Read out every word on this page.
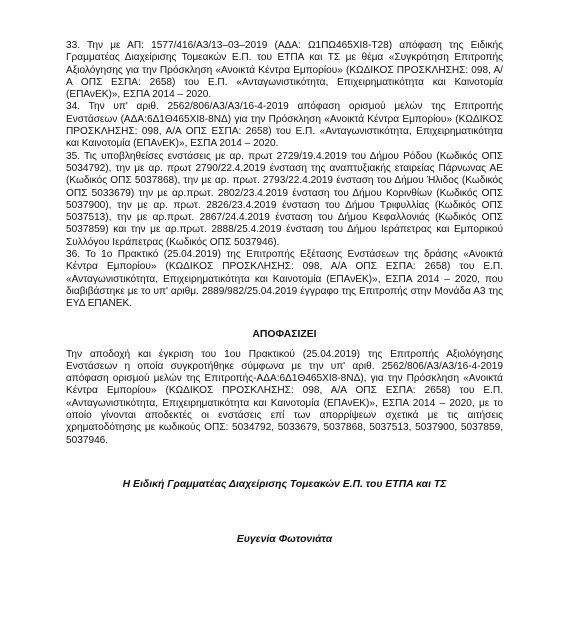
33. Την με ΑΠ: 1577/416/Α3/13–03–2019 (ΑΔΑ: Ω1ΠΩ465ΧΙ8-Τ28) απόφαση της Ειδικής Γραμματέας Διαχείρισης Τομεακών Ε.Π. του ΕΤΠΑ και ΤΣ με θέμα «Συγκρότηση Επιτροπής Αξιολόγησης για την Πρόσκληση «Ανοικτά Κέντρα Εμπορίου» (ΚΩΔΙΚΟΣ ΠΡΟΣΚΛΗΣΗΣ: 098, Α/Α ΟΠΣ ΕΣΠΑ: 2658) του Ε.Π. «Ανταγωνιστικότητα, Επιχειρηματικότητα και Καινοτομία (ΕΠΑνΕΚ)», ΕΣΠΑ 2014 – 2020.

34. Την υπ' αριθ. 2562/806/Α3/Α3/16-4-2019 απόφαση ορισμού μελών της Επιτροπής Ενστάσεων (ΑΔΑ:6Δ1Θ465ΧΙ8-8ΝΔ) για την Πρόσκληση «Ανοικτά Κέντρα Εμπορίου» (ΚΩΔΙΚΟΣ ΠΡΟΣΚΛΗΣΗΣ: 098, Α/Α ΟΠΣ ΕΣΠΑ: 2658) του Ε.Π. «Ανταγωνιστικότητα, Επιχειρηματικότητα και Καινοτομία (ΕΠΑνΕΚ)», ΕΣΠΑ 2014 – 2020.

35. Τις υποβληθείσες ενστάσεις με αρ. πρωτ 2729/19.4.2019 του Δήμου Ρόδου (Κωδικός ΟΠΣ 5034792), την με αρ. πρωτ 2790/22.4.2019 ένσταση της αναπτυξιακής εταιρείας Πάρνωνας ΑΕ (Κωδικός ΟΠΣ 5037868), την με αρ. πρωτ. 2793/22.4.2019 ένσταση του Δήμου Ήλιδος (Κωδικός ΟΠΣ 5033679) την με αρ.πρωτ. 2802/23.4.2019 ένσταση του Δήμου Κορινθίων (Κωδικός ΟΠΣ 5037900), την με αρ. πρωτ. 2826/23.4.2019 ένσταση του Δήμου Τριφυλλίας (Κωδικός ΟΠΣ 5037513), την με αρ.πρωτ. 2867/24.4.2019 ένσταση του Δήμου Κεφαλλονιάς (Κωδικός ΟΠΣ 5037859) και την με αρ.πρωτ. 2888/25.4.2019 ένσταση του Δήμου Ιεράπετρας και Εμπορικού Συλλόγου Ιεράπετρας (Κωδικός ΟΠΣ 5037946).

36. Το 1ο Πρακτικό (25.04.2019) της Επιτροπής Εξέτασης Ενστάσεων της δράσης «Ανοικτά Κέντρα Εμπορίου» (ΚΩΔΙΚΟΣ ΠΡΟΣΚΛΗΣΗΣ: 098, Α/Α ΟΠΣ ΕΣΠΑ: 2658) του Ε.Π. «Ανταγωνιστικότητα, Επιχειρηματικότητα και Καινοτομία (ΕΠΑνΕΚ)», ΕΣΠΑ 2014 – 2020, που διαβιβάστηκε με το υπ' αριθμ. 2889/982/25.04.2019 έγγραφο της Επιτροπής στην Μονάδα Α3 της ΕΥΔ ΕΠΑΝΕΚ.

ΑΠΟΦΑΣΙΖΕΙ

Την αποδοχή και έγκριση του 1ου Πρακτικού (25.04.2019) της Επιτροπής Αξιολόγησης Ενστάσεων η οποία συγκροτήθηκε σύμφωνα με την υπ' αριθ. 2562/806/Α3/Α3/16-4-2019 απόφαση ορισμού μελών της Επιτροπής-ΑΔΑ:6Δ1Θ465ΧΙ8-8ΝΔ), για την Πρόσκληση «Ανοικτά Κέντρα Εμπορίου» (ΚΩΔΙΚΟΣ ΠΡΟΣΚΛΗΣΗΣ: 098, Α/Α ΟΠΣ ΕΣΠΑ: 2658) του Ε.Π. «Ανταγωνιστικότητα, Επιχειρηματικότητα και Καινοτομία (ΕΠΑνΕΚ)», ΕΣΠΑ 2014 – 2020, με το οποίο γίνονται αποδεκτές οι ενστάσεις επί των απορρίψεων σχετικά με τις αιτήσεις χρηματοδότησης με κωδικούς ΟΠΣ: 5034792, 5033679, 5037868, 5037513, 5037900, 5037859, 5037946.

Η Ειδική Γραμματέας Διαχείρισης Τομεακών Ε.Π. του ΕΤΠΑ και ΤΣ
Ευγενία Φωτονιάτα
